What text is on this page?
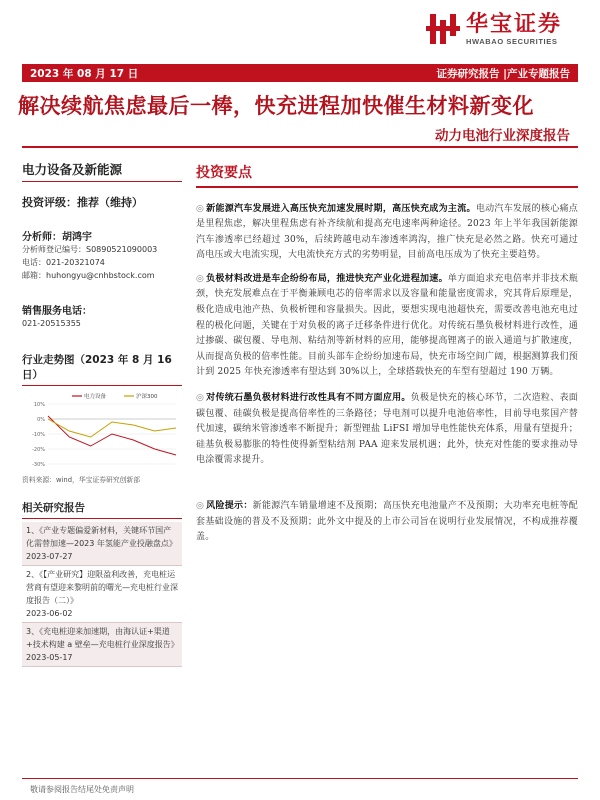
华宝证券
HWABAO SECURITIES
2023 年 08 月 17 日	证券研究报告 |产业专题报告
解决续航焦虑最后一棒，快充进程加快催生材料新变化
动力电池行业深度报告
电力设备及新能源
投资评级：推荐（维持）
分析师：胡鸿宇
分析师登记编号：S0890521090003
电话：021-20321074
邮箱：huhongyu@cnhbstock.com
销售服务电话：
021-20515355
行业走势图（2023 年 8 月 16 日）
10%
0%
-10%
-20%
-30%
电力设备	沪深300
资料来源：wind，华宝证券研究创新部
相关研究报告
1、《产业专题偏爱新材料，关键环节国产化需替加速—2023 年氢能产业投融盘点》
2023-07-27
2、《【产业研究】迎限盈利改善，充电桩运营商有望迎来黎明前的曙光—充电桩行业深度报告（二）》
2023-06-02
3、《充电桩迎来加速期，由海认证+渠道+技术构建 a 壁垒—充电桩行业深度报告》
2023-05-17
投资要点

◎ 新能源汽车发展进入高压快充加速发展时期，高压快充成为主流。电动汽车发展的核心痛点是里程焦虑，解决里程焦虑有补齐续航和提高充电速率两种途径。2023 年上半年我国新能源汽车渗透率已经超过 30%，后续跨越电动车渗透率鸿沟，推广快充是必然之路。快充可通过高电压或大电流实现，大电流快充方式的劣势明显，目前高电压成为了快充主要趋势。

◎ 负极材料改进是车企纷纷布局，推进快充产业化进程加速。单方面追求充电倍率并非技术瓶颈，快充发展难点在于平衡兼顾电芯的倍率需求以及容量和能量密度需求，究其背后原理是，极化造成电池产热、负极析锂和容量损失。因此，要想实现电池超快充，需要改善电池充电过程的极化问题，关键在于对负极的离子迁移条件进行优化。对传统石墨负极材料进行改性，通过掺碳、碳包覆、导电剂、粘结剂等新材料的应用，能够提高锂离子的嵌入通道与扩散速度，从而提高负极的倍率性能。目前头部车企纷纷加速布局，快充市场空间广阔，根据测算我们预计到 2025 年快充渗透率有望达到 30%以上，全球搭载快充的车型有望超过 190 万辆。

◎ 对传统石墨负极材料进行改性具有不同方面应用。负极是快充的核心环节，二次造粒、表面碳包覆、硅碳负极是提高倍率性的三条路径；导电剂可以提升电池倍率性，目前导电浆国产替代加速，碳纳米管渗透率不断提升；新型锂盐 LiFSI 增加导电性能快充体系，用量有望提升；硅基负极易膨胀的特性使得新型粘结剂 PAA 迎来发展机遇；此外，快充对性能的要求推动导电涂覆需求提升。

◎ 风险提示：新能源汽车销量增速不及预期；高压快充电池量产不及预期；大功率充电桩等配套基础设施的普及不及预期；此外文中提及的上市公司旨在说明行业发展情况，不构成推荐覆盖。

敬请参阅报告结尾处免责声明
